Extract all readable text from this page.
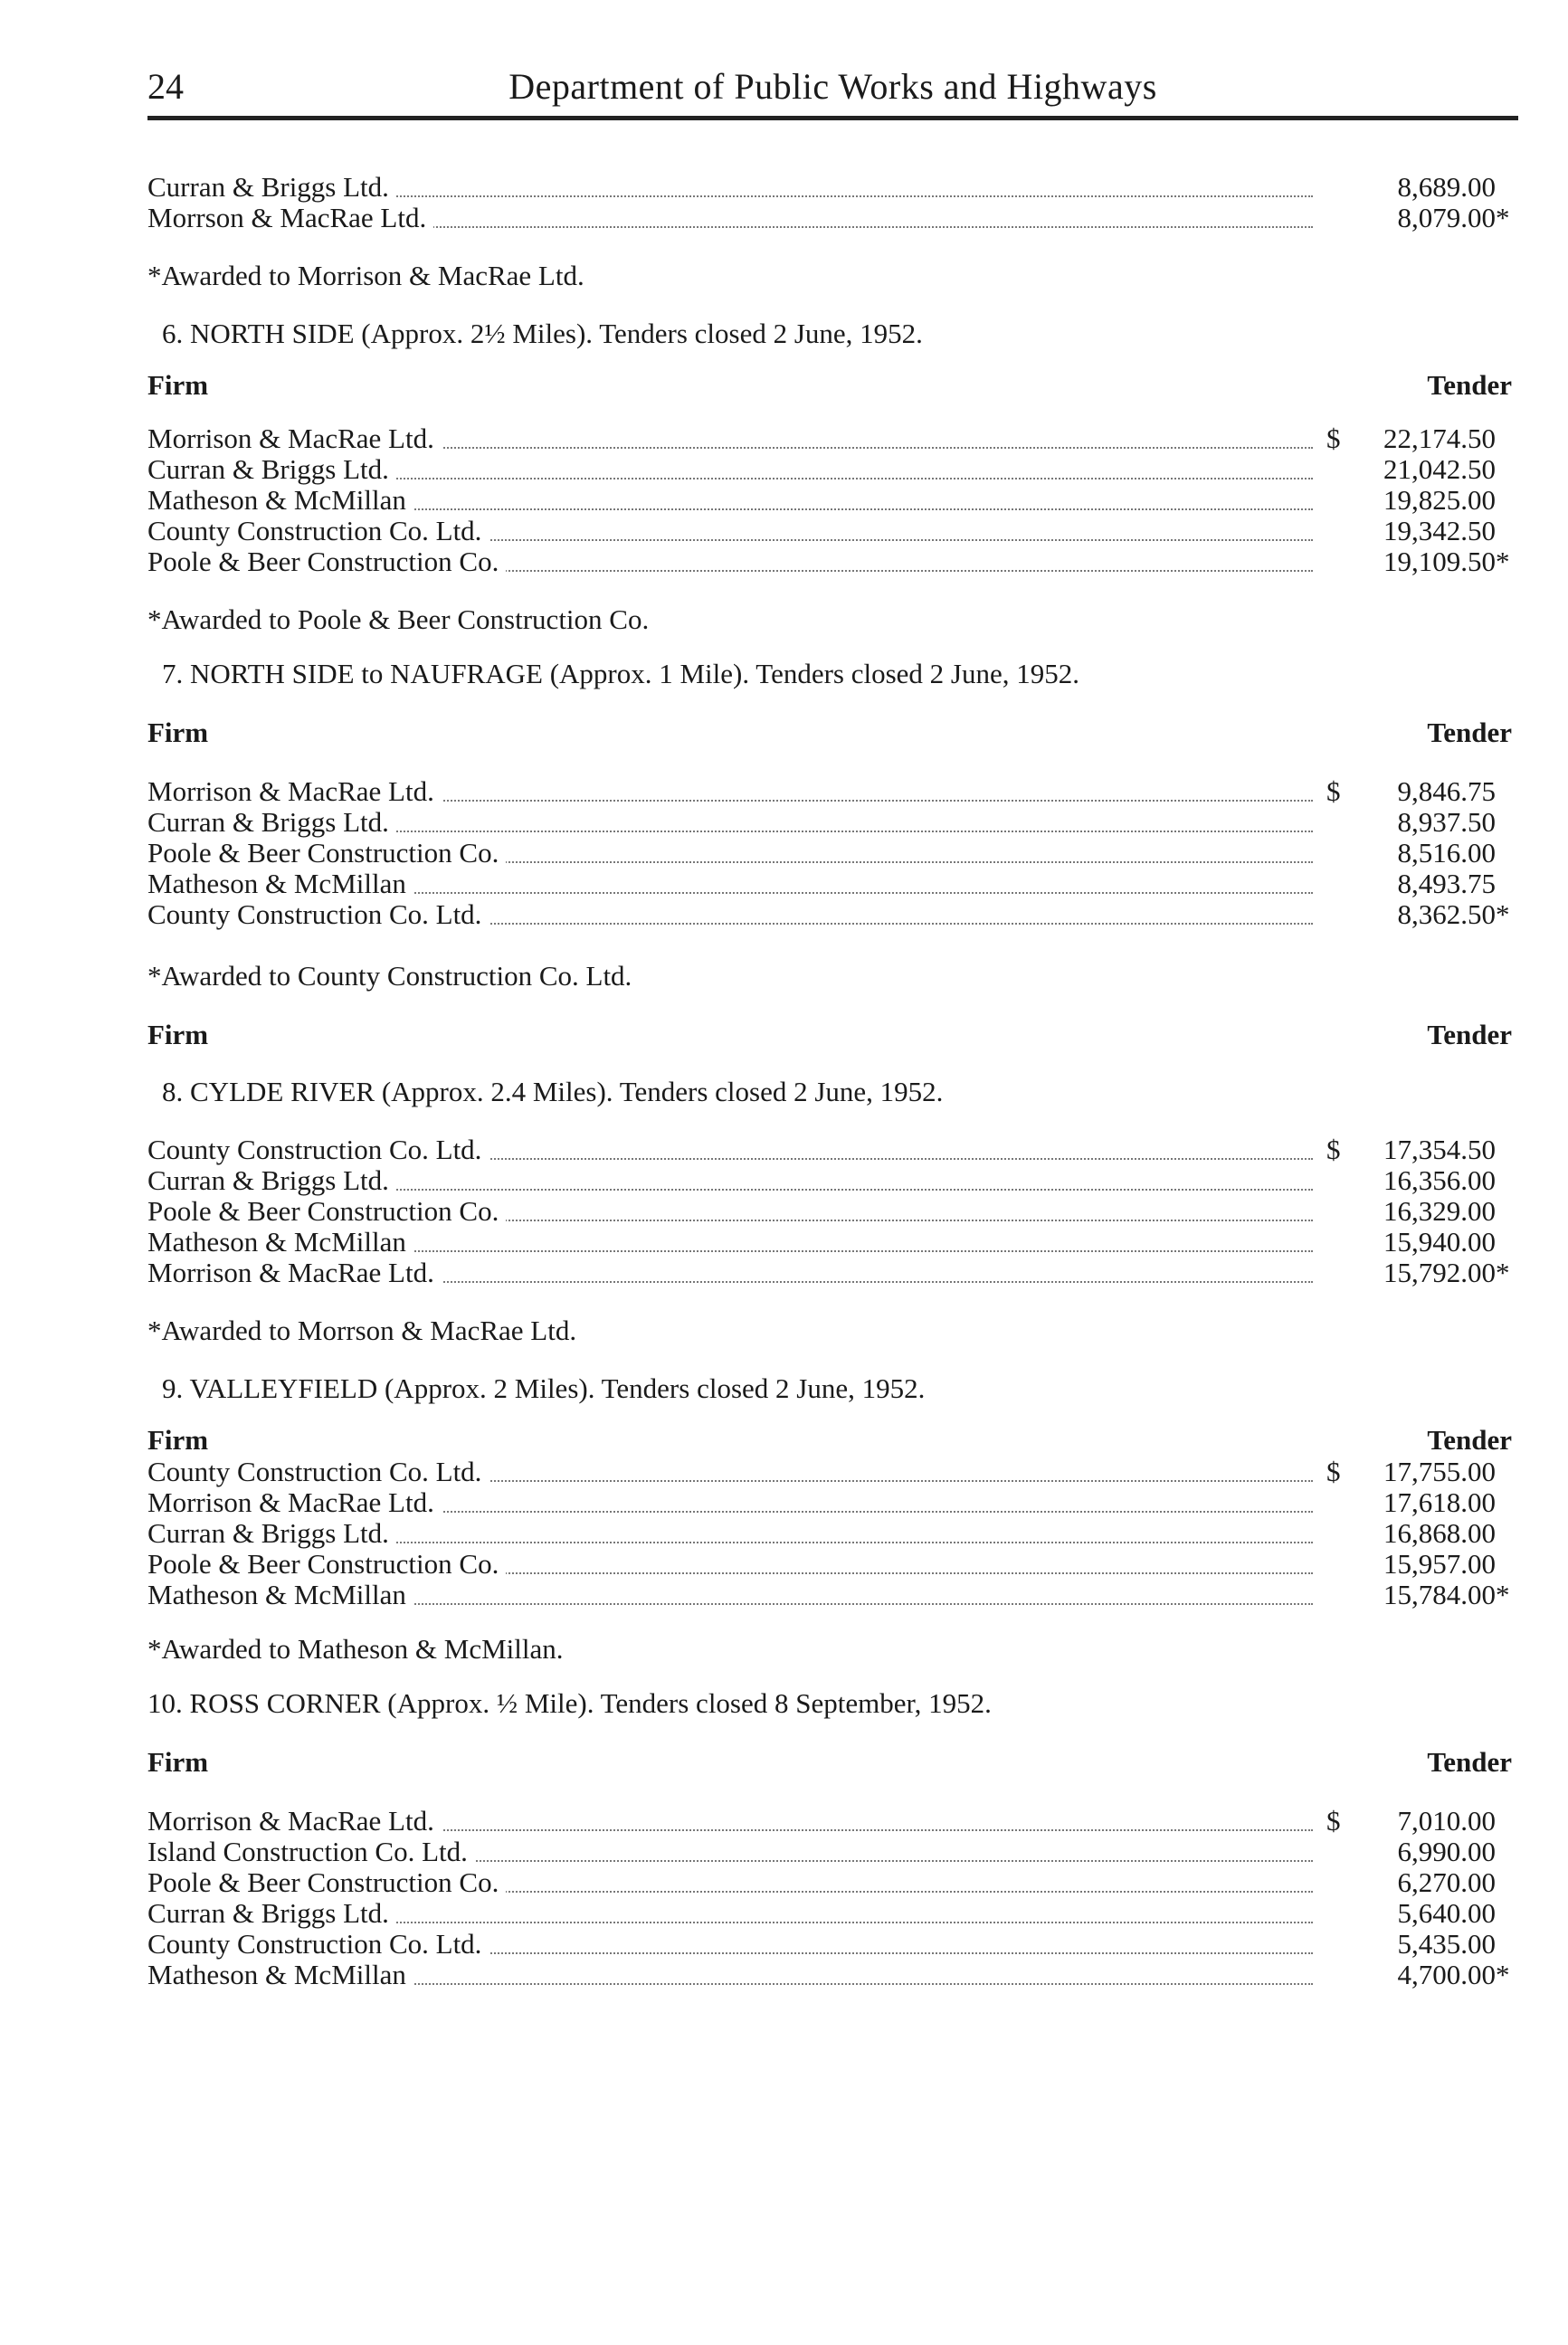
24	Department of Public Works and Highways
Curran & Briggs Ltd.	8,689.00
Morrson & MacRae Ltd.	8,079.00 *
*Awarded to Morrison & MacRae Ltd.
6. NORTH SIDE (Approx. 2½ Miles). Tenders closed 2 June, 1952.
Firm	Tender
Morrison & MacRae Ltd.	$	22,174.50
Curran & Briggs Ltd.	21,042.50
Matheson & McMillan	19,825.00
County Construction Co. Ltd.	19,342.50
Poole & Beer Construction Co.	19,109.50 *
*Awarded to Poole & Beer Construction Co.
7. NORTH SIDE to NAUFRAGE (Approx. 1 Mile). Tenders closed 2 June, 1952.
Firm	Tender
Morrison & MacRae Ltd.	$	9,846.75
Curran & Briggs Ltd.	8,937.50
Poole & Beer Construction Co.	8,516.00
Matheson & McMillan	8,493.75
County Construction Co. Ltd.	8,362.50 *
*Awarded to County Construction Co. Ltd.
Firm	Tender
8. CYLDE RIVER (Approx. 2.4 Miles). Tenders closed 2 June, 1952.
County Construction Co. Ltd.	$	17,354.50
Curran & Briggs Ltd.	16,356.00
Poole & Beer Construction Co.	16,329.00
Matheson & McMillan	15,940.00
Morrison & MacRae Ltd.	15,792.00 *
*Awarded to Morrson & MacRae Ltd.
9. VALLEYFIELD (Approx. 2 Miles). Tenders closed 2 June, 1952.
Firm	Tender
County Construction Co. Ltd.	$	17,755.00
Morrison & MacRae Ltd.	17,618.00
Curran & Briggs Ltd.	16,868.00
Poole & Beer Construction Co.	15,957.00
Matheson & McMillan	15,784.00 *
*Awarded to Matheson & McMillan.
10. ROSS CORNER (Approx. ½ Mile). Tenders closed 8 September, 1952.
Firm	Tender
Morrison & MacRae Ltd.	$	7,010.00
Island Construction Co. Ltd.	6,990.00
Poole & Beer Construction Co.	6,270.00
Curran & Briggs Ltd.	5,640.00
County Construction Co. Ltd.	5,435.00
Matheson & McMillan	4,700.00 *
